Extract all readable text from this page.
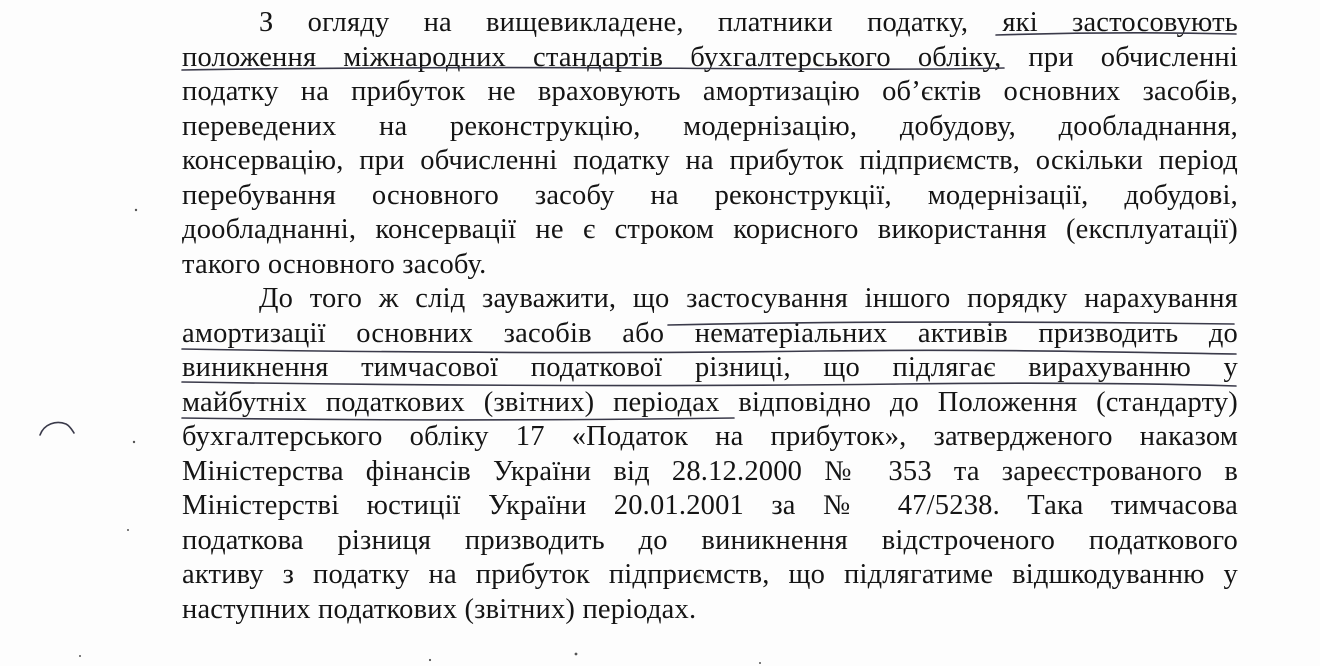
З огляду на вищевикладене, платники податку, які застосовують
положення міжнародних стандартів бухгалтерського обліку, при обчисленні
податку на прибуток не враховують амортизацію об’єктів основних засобів,
переведених на реконструкцію, модернізацію, добудову, дообладнання,
консервацію, при обчисленні податку на прибуток підприємств, оскільки період
перебування основного засобу на реконструкції, модернізації, добудові,
дообладнанні, консервації не є строком корисного використання (експлуатації)
такого основного засобу.
До того ж слід зауважити, що застосування іншого порядку нарахування
амортизації основних засобів або нематеріальних активів призводить до
виникнення тимчасової податкової різниці, що підлягає вирахуванню у
майбутніх податкових (звітних) періодах відповідно до Положення (стандарту)
бухгалтерського обліку 17 «Податок на прибуток», затвердженого наказом
Міністерства фінансів України від 28.12.2000 № 353 та зареєстрованого в
Міністерстві юстиції України 20.01.2001 за № 47/5238. Така тимчасова
податкова різниця призводить до виникнення відстроченого податкового
активу з податку на прибуток підприємств, що підлягатиме відшкодуванню у
наступних податкових (звітних) періодах.
